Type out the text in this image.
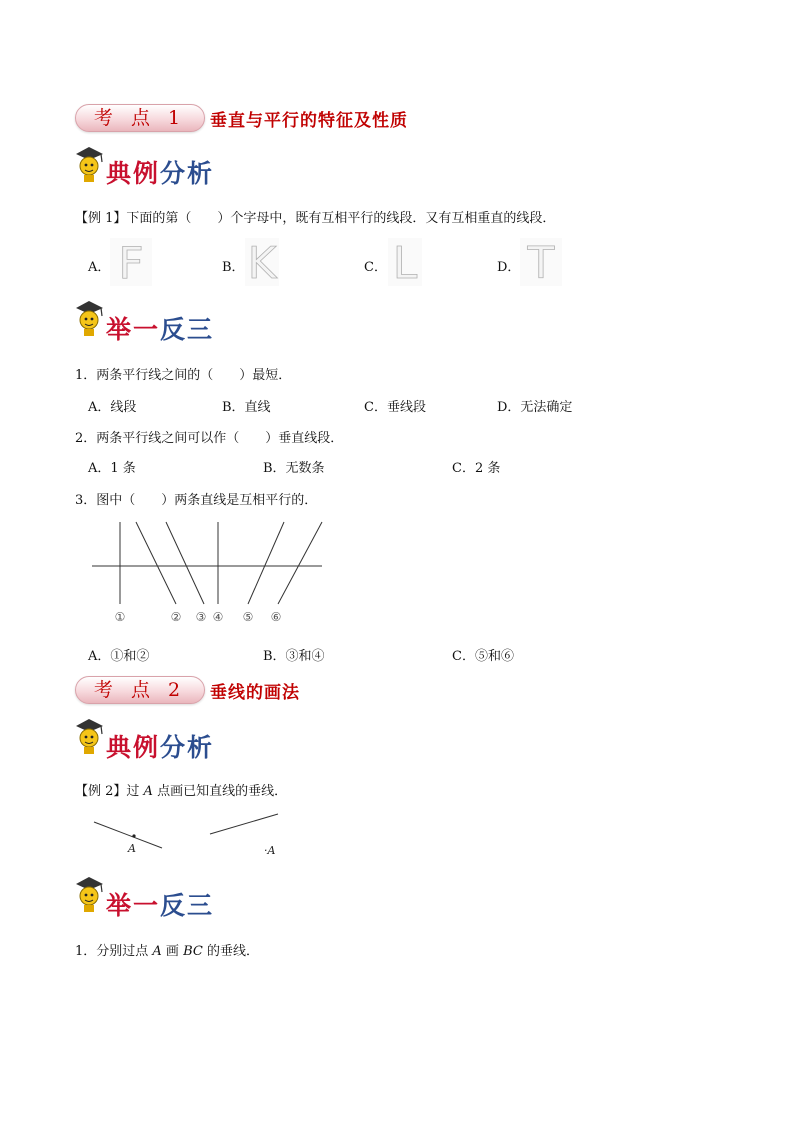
考 点 1	垂直与平行的特征及性质
典例分析
【例 1】下面的第（　　）个字母中，既有互相平行的线段．又有互相重直的线段．
A．	B．	C．	D．
F K	L	T
举一反三
1．两条平行线之间的（　　）最短．
A．线段	B．直线	C．垂线段	D．无法确定
2．两条平行线之间可以作（　　）垂直线段．
A．1 条	B．无数条	C．2 条
3．图中（　　）两条直线是互相平行的．
①	② ③ ④ ⑤ ⑥
A．①和②	B．③和④	C．⑤和⑥
考 点 2	垂线的画法
典例分析
【例 2】过 A 点画已知直线的垂线．
A	·A
举一反三
1．分别过点 A 画 BC 的垂线．
